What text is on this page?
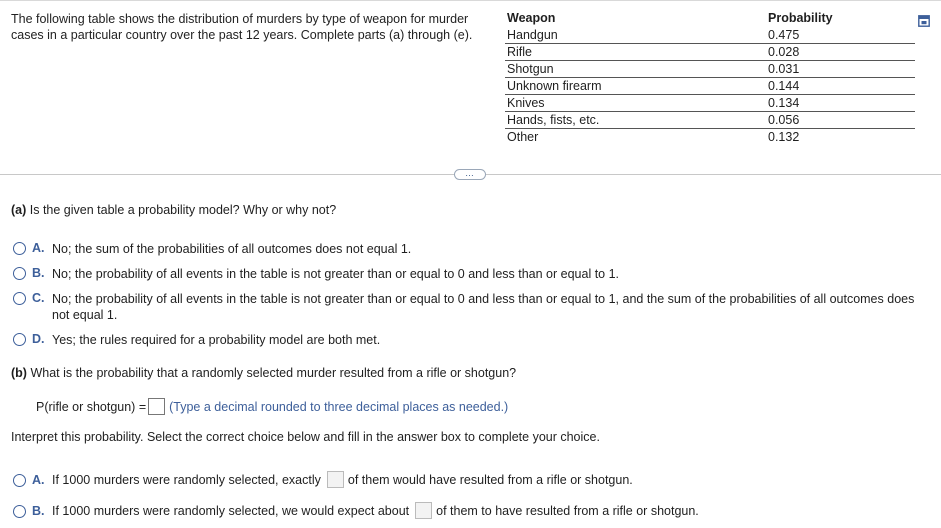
The following table shows the distribution of murders by type of weapon for murder cases in a particular country over the past 12 years. Complete parts (a) through (e).
Weapon	Probability
Handgun	0.475
Rifle	0.028
Shotgun	0.031
Unknown firearm	0.144
Knives	0.134
Hands, fists, etc.	0.056
Other	0.132
…
(a) Is the given table a probability model? Why or why not?
A. No; the sum of the probabilities of all outcomes does not equal 1.
B. No; the probability of all events in the table is not greater than or equal to 0 and less than or equal to 1.
C. No; the probability of all events in the table is not greater than or equal to 0 and less than or equal to 1, and the sum of the probabilities of all outcomes does not equal 1.
D. Yes; the rules required for a probability model are both met.
(b) What is the probability that a randomly selected murder resulted from a rifle or shotgun?
P(rifle or shotgun) = (Type a decimal rounded to three decimal places as needed.)
Interpret this probability. Select the correct choice below and fill in the answer box to complete your choice.
A. If 1000 murders were randomly selected, exactly of them would have resulted from a rifle or shotgun.
B. If 1000 murders were randomly selected, we would expect about of them to have resulted from a rifle or shotgun.
